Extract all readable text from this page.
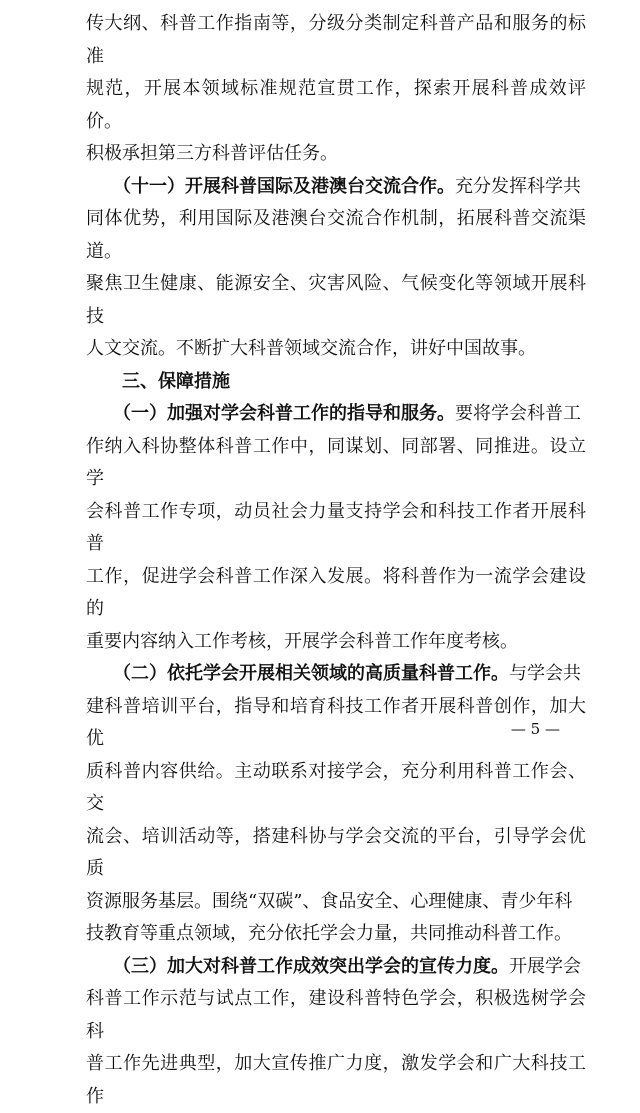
传大纲、科普工作指南等，分级分类制定科普产品和服务的标准
规范，开展本领域标准规范宣贯工作，探索开展科普成效评价。
积极承担第三方科普评估任务。

　　（十一）开展科普国际及港澳台交流合作。充分发挥科学共
同体优势，利用国际及港澳台交流合作机制，拓展科普交流渠道。
聚焦卫生健康、能源安全、灾害风险、气候变化等领域开展科技
人文交流。不断扩大科普领域交流合作，讲好中国故事。

　　三、保障措施

　　（一）加强对学会科普工作的指导和服务。要将学会科普工
作纳入科协整体科普工作中，同谋划、同部署、同推进。设立学
会科普工作专项，动员社会力量支持学会和科技工作者开展科普
工作，促进学会科普工作深入发展。将科普作为一流学会建设的
重要内容纳入工作考核，开展学会科普工作年度考核。

　　（二）依托学会开展相关领域的高质量科普工作。与学会共
建科普培训平台，指导和培育科技工作者开展科普创作，加大优
质科普内容供给。主动联系对接学会，充分利用科普工作会、交
流会、培训活动等，搭建科协与学会交流的平台，引导学会优质
资源服务基层。围绕“双碳”、食品安全、心理健康、青少年科
技教育等重点领域，充分依托学会力量，共同推动科普工作。

　　（三）加大对科普工作成效突出学会的宣传力度。开展学会
科普工作示范与试点工作，建设科普特色学会，积极选树学会科
普工作先进典型，加大宣传推广力度，激发学会和广大科技工作

— 5 —
